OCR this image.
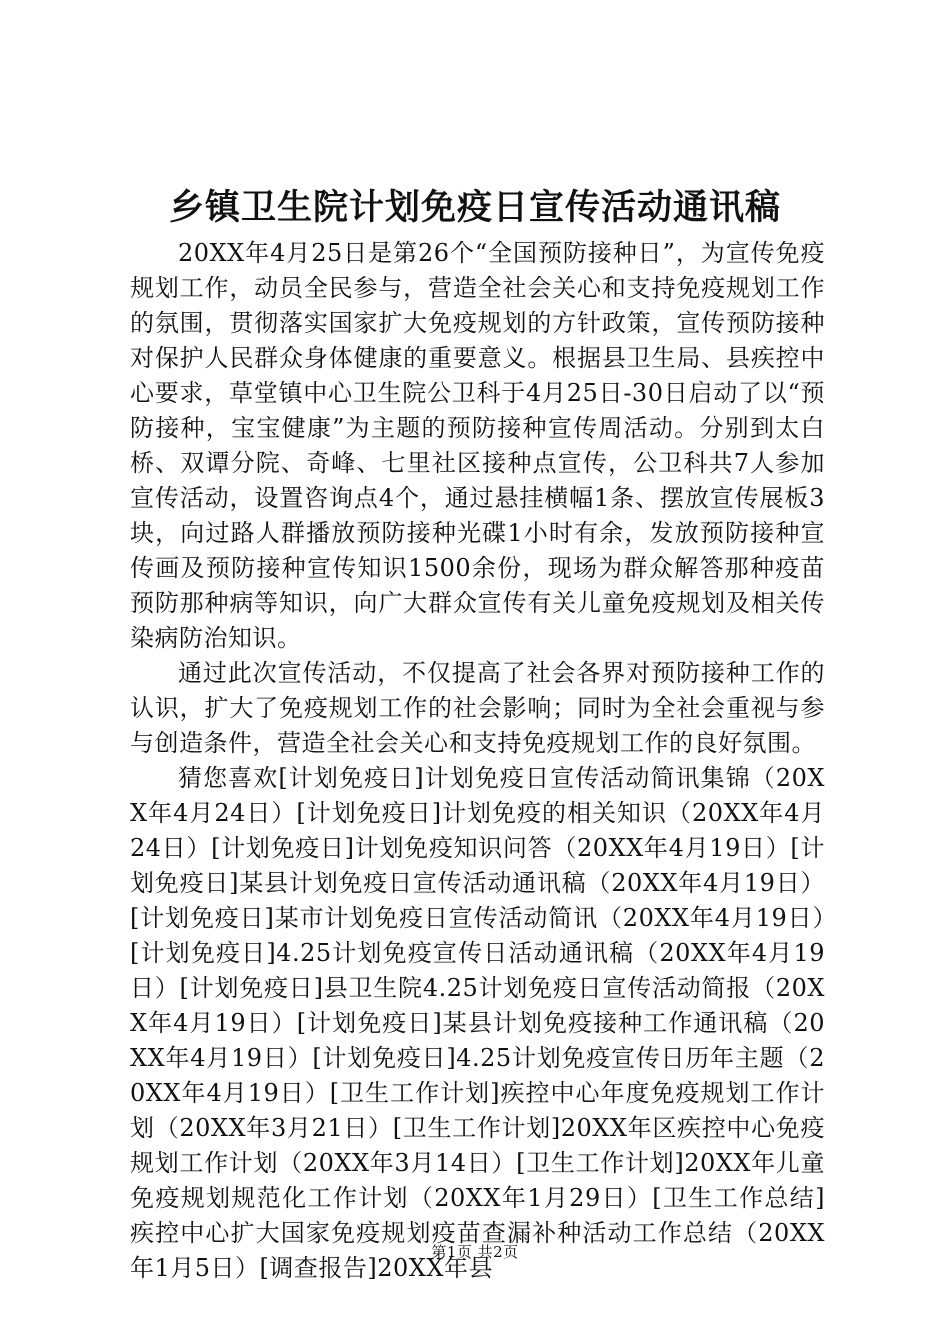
乡镇卫生院计划免疫日宣传活动通讯稿

20XX年4月25日是第26个“全国预防接种日”，为宣传免疫规划工作，动员全民参与，营造全社会关心和支持免疫规划工作的氛围，贯彻落实国家扩大免疫规划的方针政策，宣传预防接种对保护人民群众身体健康的重要意义。根据县卫生局、县疾控中心要求，草堂镇中心卫生院公卫科于4月25日-30日启动了以“预防接种，宝宝健康”为主题的预防接种宣传周活动。分别到太白桥、双谭分院、奇峰、七里社区接种点宣传，公卫科共7人参加宣传活动，设置咨询点4个，通过悬挂横幅1条、摆放宣传展板3块，向过路人群播放预防接种光碟1小时有余，发放预防接种宣传画及预防接种宣传知识1500余份，现场为群众解答那种疫苗预防那种病等知识，向广大群众宣传有关儿童免疫规划及相关传染病防治知识。

通过此次宣传活动，不仅提高了社会各界对预防接种工作的认识，扩大了免疫规划工作的社会影响；同时为全社会重视与参与创造条件，营造全社会关心和支持免疫规划工作的良好氛围。

猜您喜欢[计划免疫日]计划免疫日宣传活动简讯集锦（20XX年4月24日）[计划免疫日]计划免疫的相关知识（20XX年4月24日）[计划免疫日]计划免疫知识问答（20XX年4月19日）[计划免疫日]某县计划免疫日宣传活动通讯稿（20XX年4月19日）[计划免疫日]某市计划免疫日宣传活动简讯（20XX年4月19日）[计划免疫日]4.25计划免疫宣传日活动通讯稿（20XX年4月19日）[计划免疫日]县卫生院4.25计划免疫日宣传活动简报（20XX年4月19日）[计划免疫日]某县计划免疫接种工作通讯稿（20XX年4月19日）[计划免疫日]4.25计划免疫宣传日历年主题（20XX年4月19日）[卫生工作计划]疾控中心年度免疫规划工作计划（20XX年3月21日）[卫生工作计划]20XX年区疾控中心免疫规划工作计划（20XX年3月14日）[卫生工作计划]20XX年儿童免疫规划规范化工作计划（20XX年1月29日）[卫生工作总结]疾控中心扩大国家免疫规划疫苗查漏补种活动工作总结（20XX年1月5日）[调查报告]20XX年县

第1页 共2页
